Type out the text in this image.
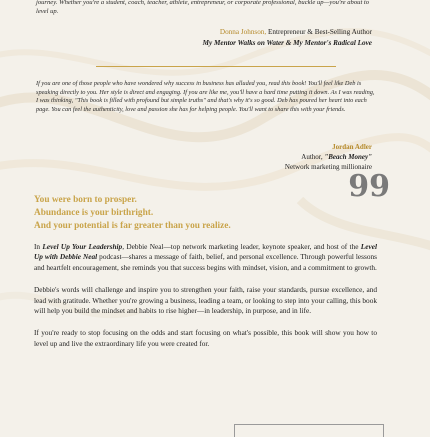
journey. Whether you're a student, coach, teacher, athlete, entrepreneur, or corporate professional, buckle up—you're about to level up.
Donna Johnson, Entrepreneur & Best-Selling Author
My Mentor Walks on Water & My Mentor's Radical Love
If you are one of those people who have wondered why success in business has alluded you, read this book! You'll feel like Deb is speaking directly to you. Her style is direct and engaging. If you are like me, you'll have a hard time putting it down. As I was reading, I was thinking, "This book is filled with profound but simple truths" and that's why it's so good. Deb has poured her heart into each page. You can feel the authenticity, love and passion she has for helping people. You'll want to share this with your friends.
Jordan Adler
Author, "Beach Money"
Network marketing millionaire
99
You were born to prosper.
Abundance is your birthright.
And your potential is far greater than you realize.

In Level Up Your Leadership, Debbie Neal—top network marketing leader, keynote speaker, and host of the Level Up with Debbie Neal podcast—shares a message of faith, belief, and personal excellence. Through powerful lessons and heartfelt encouragement, she reminds you that success begins with mindset, vision, and a commitment to growth.

Debbie's words will challenge and inspire you to strengthen your faith, raise your standards, pursue excellence, and lead with gratitude. Whether you're growing a business, leading a team, or looking to step into your calling, this book will help you build the mindset and habits to rise higher—in leadership, in purpose, and in life.

If you're ready to stop focusing on the odds and start focusing on what's possible, this book will show you how to level up and live the extraordinary life you were created for.
